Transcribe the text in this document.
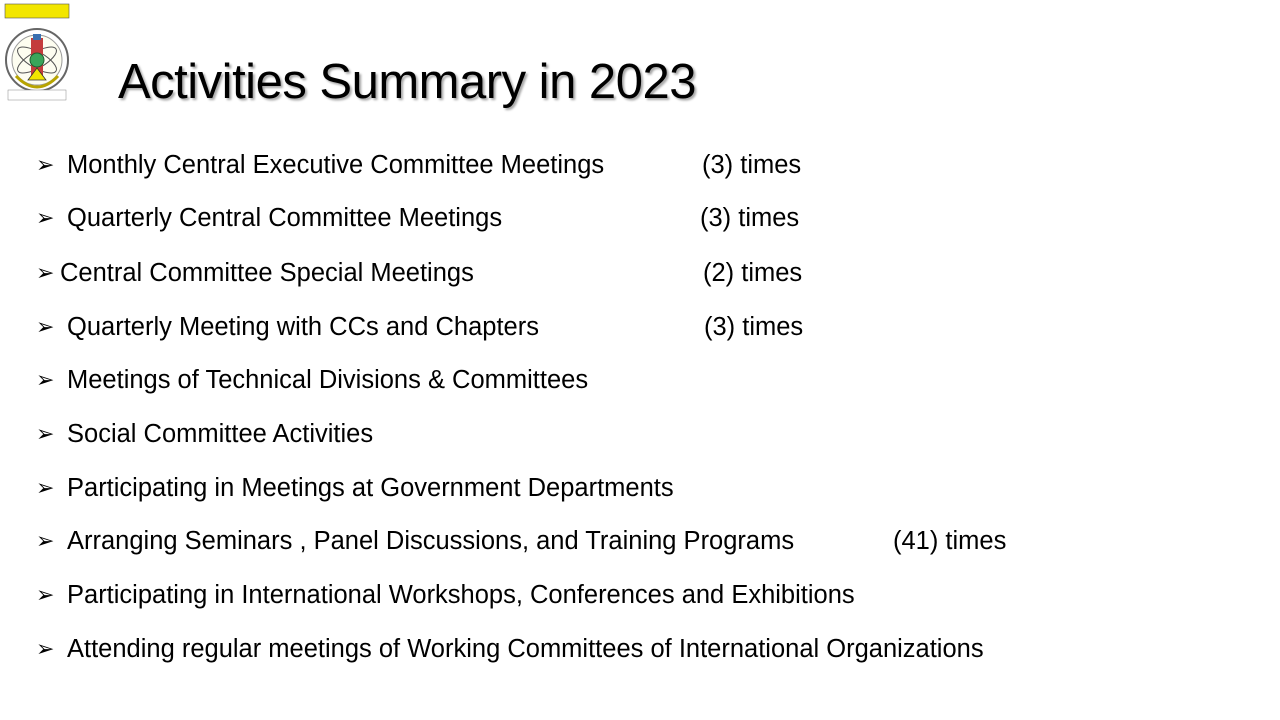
Activities Summary in 2023
➢ Monthly Central Executive Committee Meetings	(3) times
➢ Quarterly Central Committee Meetings	(3) times
➢ Central Committee Special Meetings	(2) times
➢ Quarterly Meeting with CCs and Chapters	(3) times
➢ Meetings of Technical Divisions & Committees
➢ Social Committee Activities
➢ Participating in Meetings at Government Departments
➢ Arranging Seminars , Panel Discussions, and Training Programs	(41) times
➢ Participating in International Workshops, Conferences and Exhibitions
➢ Attending regular meetings of Working Committees of International Organizations
